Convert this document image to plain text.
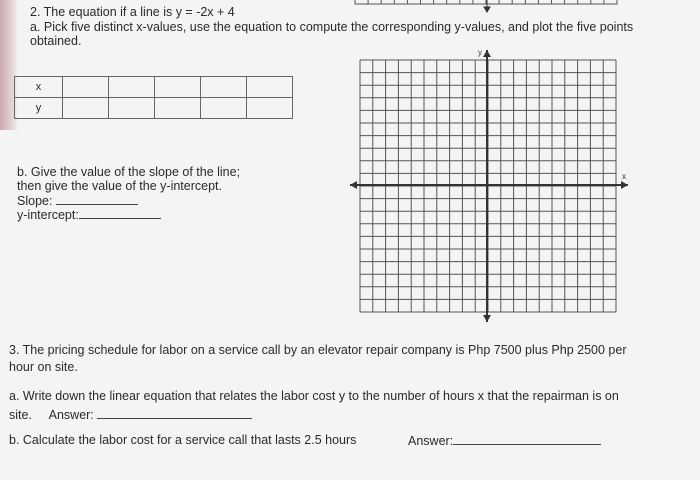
x
y
2. The equation if a line is y = -2x + 4
a. Pick five distinct x-values, use the equation to compute the corresponding y-values, and plot the five points
obtained.
x					
y					
b. Give the value of the slope of the line;
then give the value of the y-intercept.
Slope:
y-intercept:
3. The pricing schedule for labor on a service call by an elevator repair company is Php 7500 plus Php 2500 per
hour on site.
a. Write down the linear equation that relates the labor cost y to the number of hours x that the repairman is on
site. Answer:
b. Calculate the labor cost for a service call that lasts 2.5 hours	Answer:
